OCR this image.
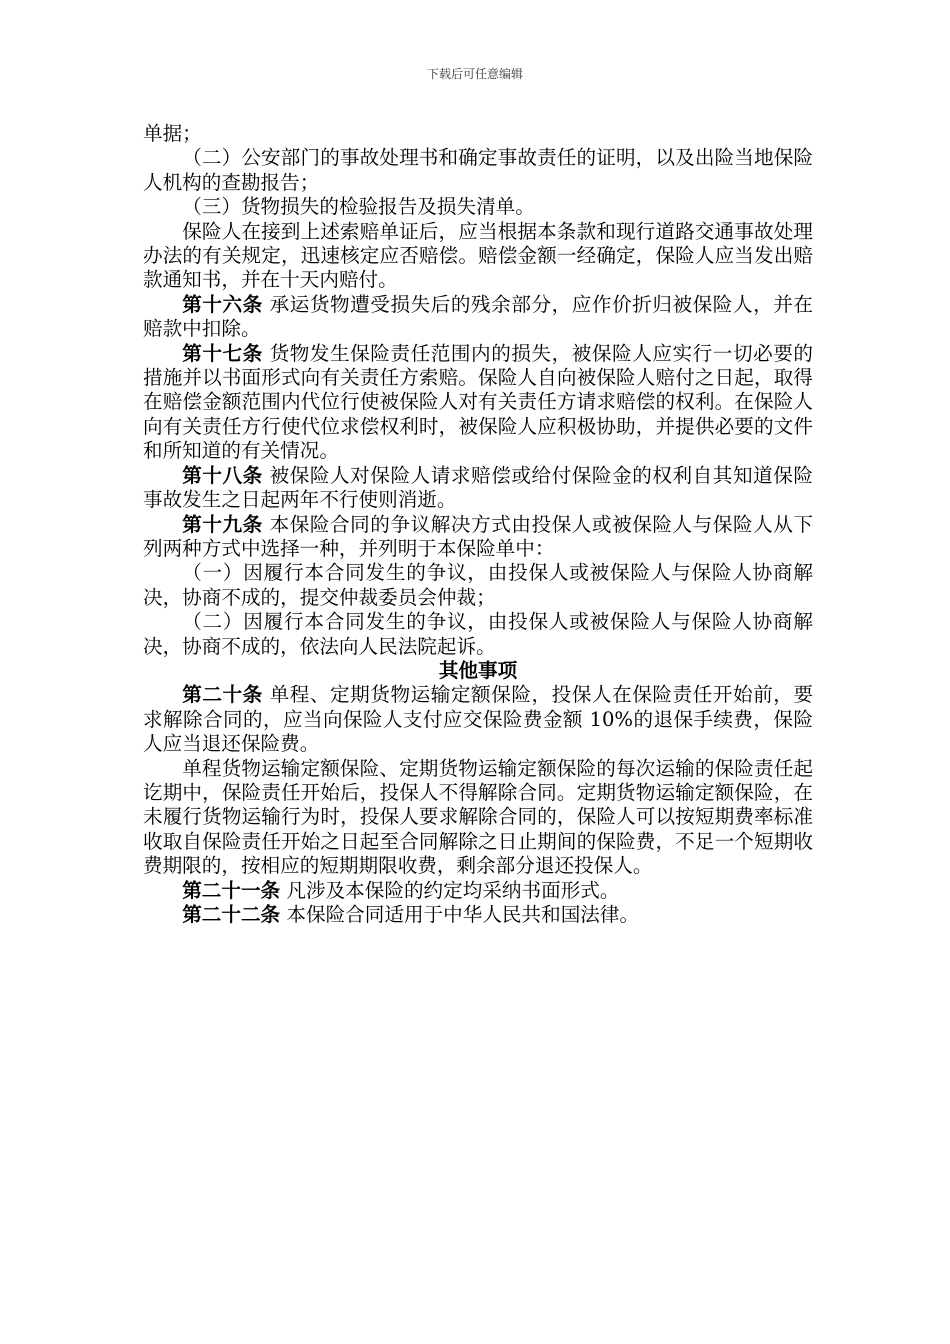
下载后可任意编辑

单据；

（二）公安部门的事故处理书和确定事故责任的证明，以及出险当地保险人机构的查勘报告；

（三）货物损失的检验报告及损失清单。

保险人在接到上述索赔单证后，应当根据本条款和现行道路交通事故处理办法的有关规定，迅速核定应否赔偿。赔偿金额一经确定，保险人应当发出赔款通知书，并在十天内赔付。

第十六条 承运货物遭受损失后的残余部分，应作价折归被保险人，并在赔款中扣除。

第十七条 货物发生保险责任范围内的损失，被保险人应实行一切必要的措施并以书面形式向有关责任方索赔。保险人自向被保险人赔付之日起，取得在赔偿金额范围内代位行使被保险人对有关责任方请求赔偿的权利。在保险人向有关责任方行使代位求偿权利时，被保险人应积极协助，并提供必要的文件和所知道的有关情况。

第十八条 被保险人对保险人请求赔偿或给付保险金的权利自其知道保险事故发生之日起两年不行使则消逝。

第十九条 本保险合同的争议解决方式由投保人或被保险人与保险人从下列两种方式中选择一种，并列明于本保险单中：

（一）因履行本合同发生的争议，由投保人或被保险人与保险人协商解决，协商不成的，提交仲裁委员会仲裁；

（二）因履行本合同发生的争议，由投保人或被保险人与保险人协商解决，协商不成的，依法向人民法院起诉。

其他事项

第二十条 单程、定期货物运输定额保险，投保人在保险责任开始前，要求解除合同的，应当向保险人支付应交保险费金额 10%的退保手续费，保险人应当退还保险费。

单程货物运输定额保险、定期货物运输定额保险的每次运输的保险责任起讫期中，保险责任开始后，投保人不得解除合同。定期货物运输定额保险，在未履行货物运输行为时，投保人要求解除合同的，保险人可以按短期费率标准收取自保险责任开始之日起至合同解除之日止期间的保险费，不足一个短期收费期限的，按相应的短期期限收费，剩余部分退还投保人。

第二十一条 凡涉及本保险的约定均采纳书面形式。

第二十二条 本保险合同适用于中华人民共和国法律。
